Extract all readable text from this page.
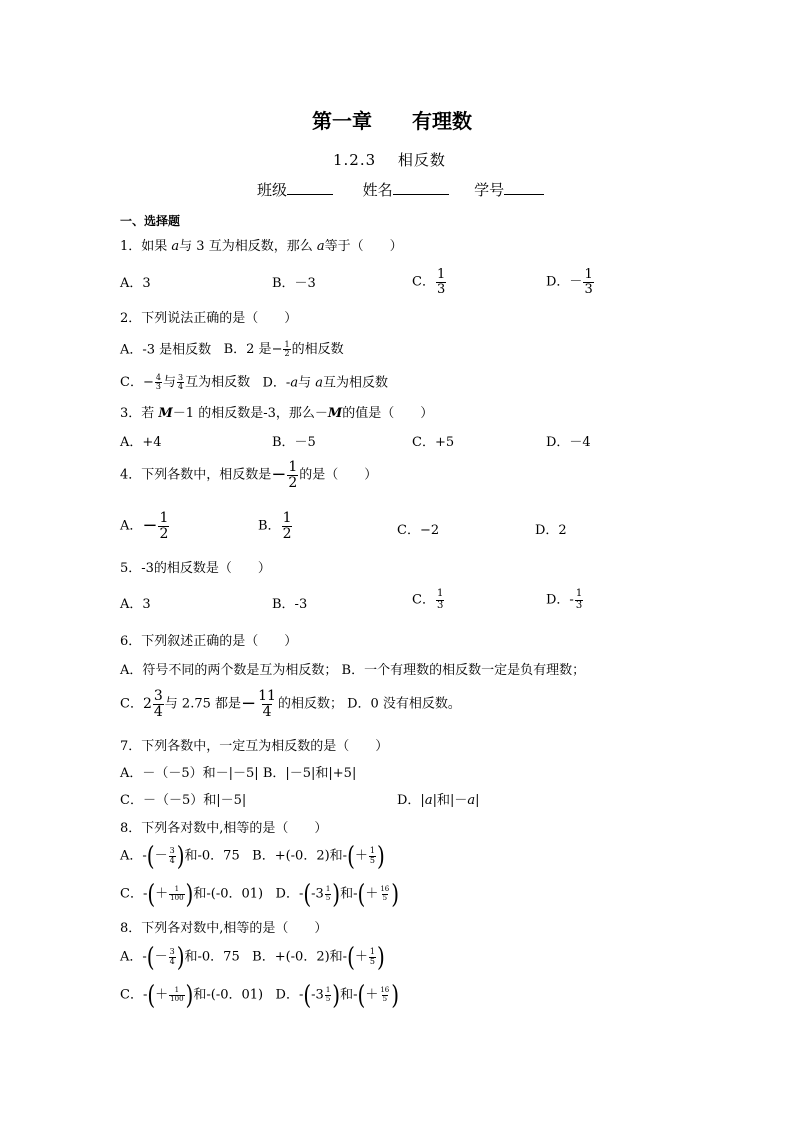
第一章　　有理数
1.2.3　 相反数
班级	姓名	学号
一、选择题
1．如果 a与 3 互为相反数，那么 a等于（　　）
A．3	B．－3	C． $\frac{1}{3}$	D．－ $\frac{1}{3}$
2．下列说法正确的是（　　）
A．-3 是相反数 B．2 是− $\frac{1}{2}$ 的相反数
C．− $\frac{4}{3}$ 与 $\frac{3}{4}$ 互为相反数 D．-a与 a互为相反数
3．若 M－1 的相反数是-3，那么－M的值是（　　）
A．+4	B．－5	C．+5	D．－4
4．下列各数中，相反数是− $\frac{1}{2}$ 的是（　　）
A．− $\frac{1}{2}$	B． $\frac{1}{2}$	C．−2	D．2
5．-3的相反数是（　　）
A．3	B．-3	C． $\frac{1}{3}$	D．- $\frac{1}{3}$
6．下列叙述正确的是（　　）
A．符号不同的两个数是互为相反数； B．一个有理数的相反数一定是负有理数；
C． $2 \frac{3}{4}$ 与 2.75 都是− $\frac{11}{4}$ 的相反数； D．0 没有相反数。
7．下列各数中，一定互为相反数的是（　　）
A．－（－5）和－|－5| B．|－5|和|+5|
C．－（－5）和|－5|	D．|a|和|－a|
8．下列各对数中,相等的是（　　）
A．-(－ $\frac{3}{4}$ )和-0．75 B．+(-0．2)和-(＋ $\frac{1}{5}$ )
C．-(＋ $\frac{1}{100}$ )和-(-0．01) D．$-(-3 \frac{1}{5}$ )和-(＋ $\frac{16}{5}$ )
8．下列各对数中,相等的是（　　）
A．-(－ $\frac{3}{4}$ )和-0．75 B．+(-0．2)和-(＋ $\frac{1}{5}$ )
C．-(＋ $\frac{1}{100}$ )和-(-0．01) D．$-(-3 \frac{1}{5}$ )和-(＋ $\frac{16}{5}$ )
